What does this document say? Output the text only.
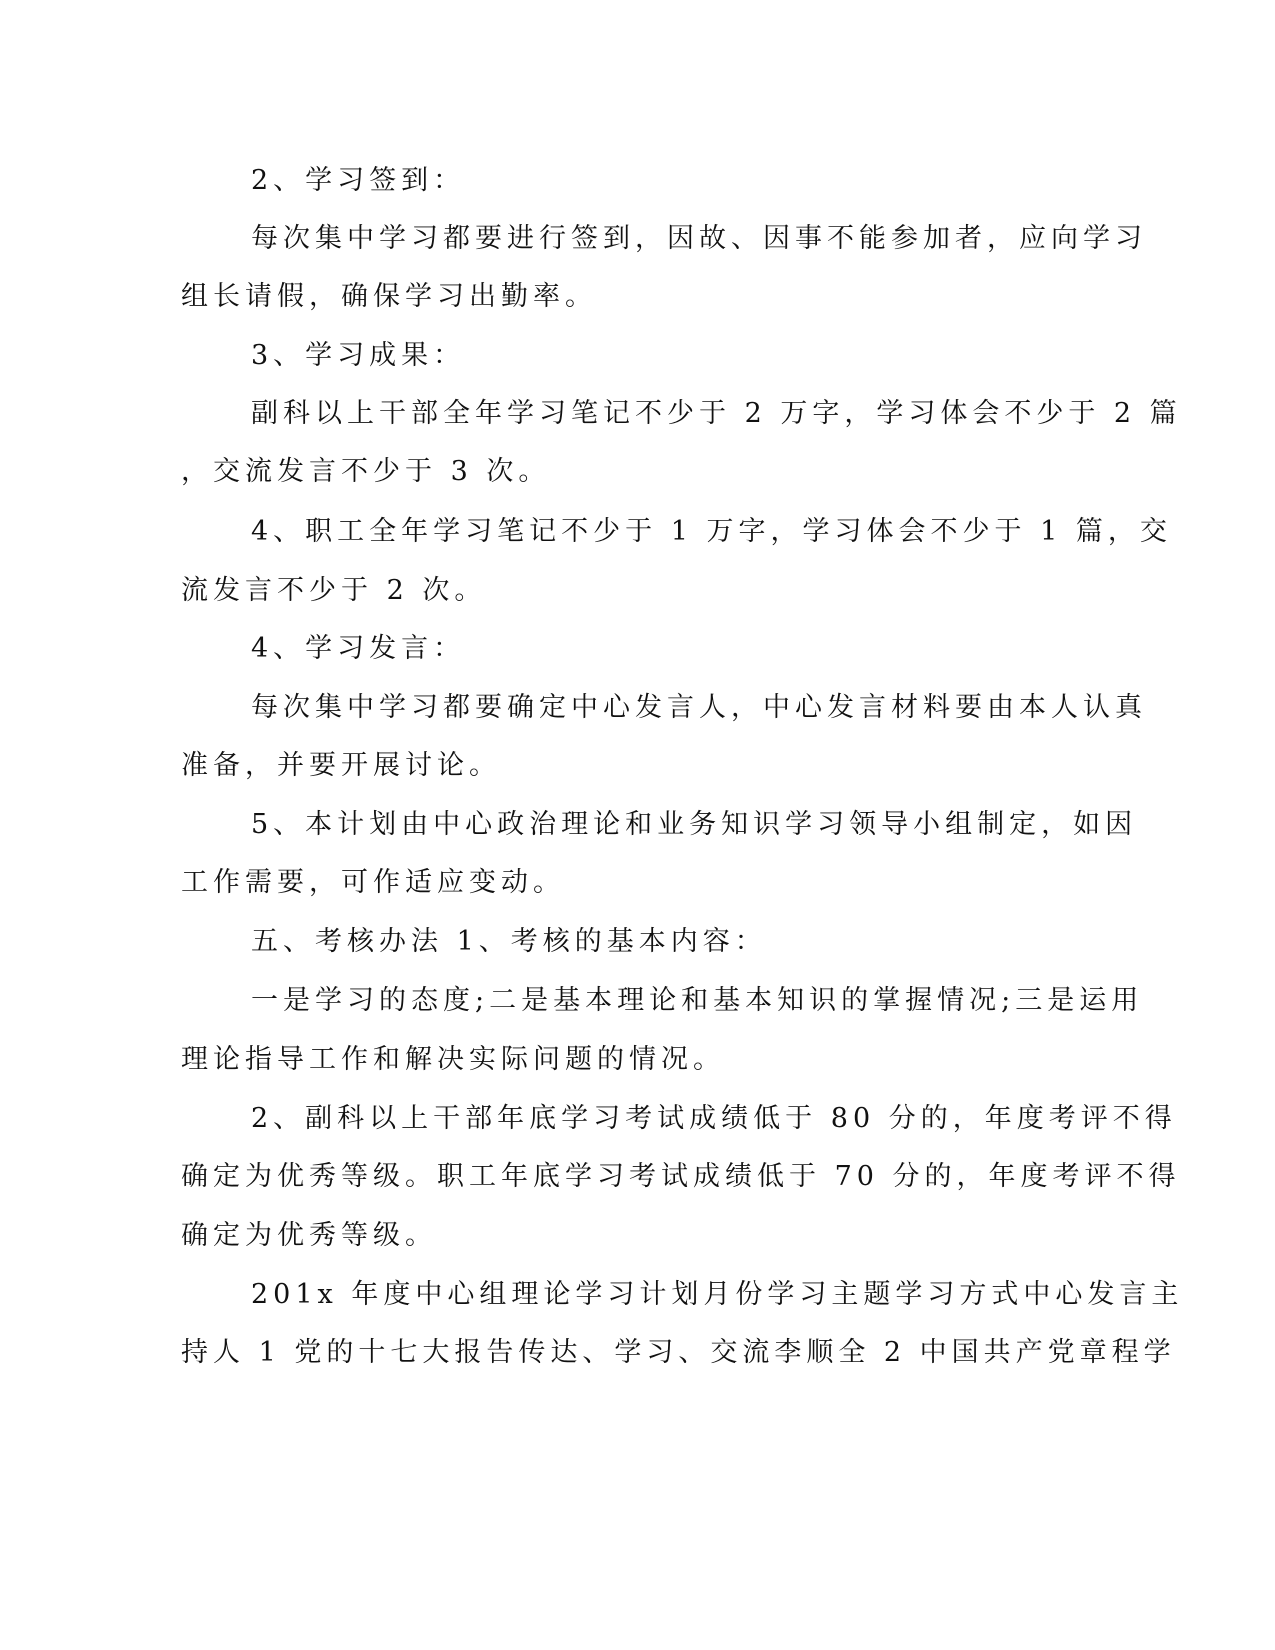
2、学习签到：
每次集中学习都要进行签到，因故、因事不能参加者，应向学习
组长请假，确保学习出勤率。
3、学习成果：
副科以上干部全年学习笔记不少于 2 万字，学习体会不少于 2 篇
，交流发言不少于 3 次。
4、职工全年学习笔记不少于 1 万字，学习体会不少于 1 篇，交
流发言不少于 2 次。
4、学习发言：
每次集中学习都要确定中心发言人，中心发言材料要由本人认真
准备，并要开展讨论。
5、本计划由中心政治理论和业务知识学习领导小组制定，如因
工作需要，可作适应变动。
五、考核办法 1、考核的基本内容：
一是学习的态度;二是基本理论和基本知识的掌握情况;三是运用
理论指导工作和解决实际问题的情况。
2、副科以上干部年底学习考试成绩低于 80 分的，年度考评不得
确定为优秀等级。职工年底学习考试成绩低于 70 分的，年度考评不得
确定为优秀等级。
201x 年度中心组理论学习计划月份学习主题学习方式中心发言主
持人 1 党的十七大报告传达、学习、交流李顺全 2 中国共产党章程学
